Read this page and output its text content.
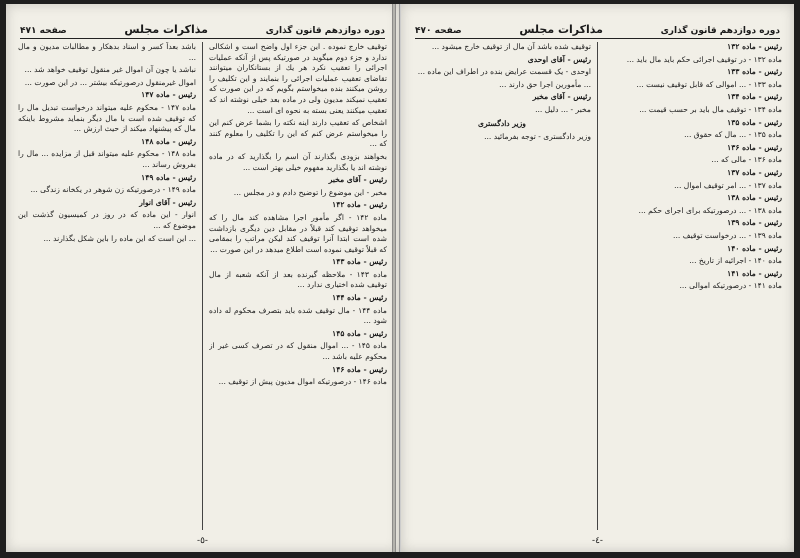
دوره دوازدهم قانون گذاری
مذاكرات مجلس
صفحه ۴۷۱
توقیف خارج نموده . این جزء اول واضح است و اشکالی ندارد و جزء دوم میگوید در صورتیکه پس از آنکه عملیات اجرائی را تعقیب نکرد هر یك از بستانکاران میتوانند تقاضای تعقیب عملیات اجرائی را بنمایند و این تکلیف را روشن میکنند بنده میخواستم بگویم که در این صورت که تعقیب نمیکند مدیون ولی در ماده بعد خیلی نوشته اند که تعقیب میکنند یعنی بسته به نحوه ای است ...
اشخاص که تعقیب دارند اینه نکته را بشما عرض کنم این را میخواستم عرض کنم که این را تکلیف را معلوم کنند که ...
بخواهند بزودی بگذارند آن اسم را بگذارید که در ماده نوشته اند یا بگذارید مفهوم خیلی بهتر است ...
رئیس - آقای مخبر
مخبر - این موضوع را توضیح دادم و در مجلس ...
رئیس - ماده ۱۴۲
ماده ۱۴۲ - اگر مأمور اجرا مشاهده کند مال را که میخواهد توقیف کند قبلاً در مقابل دین دیگری بازداشت شده است ابتدا آنرا توقیف کند لیکن مراتب را بمقامی که قبلاً توقیف نموده است اطلاع میدهد در این صورت ...
رئیس - ماده ۱۴۳
ماده ۱۴۳ - ملاحظه گیرنده بعد از آنکه شعبه از مال توقیف شده اختیاری ندارد ...
رئیس - ماده ۱۴۴
ماده ۱۴۴ - مال توقیف شده باید بتصرف محکوم له داده شود ...
رئیس - ماده ۱۴۵
ماده ۱۴۵ - ... اموال منقول که در تصرف کسی غیر از محکوم علیه باشد ...
رئیس - ماده ۱۴۶
ماده ۱۴۶ - درصورتیکه اموال مدیون پیش از توقیف ...
باشد بعداً کسر و اسناد بدهکار و مطالبات مدیون و مال ...
نباشد یا چون آن اموال غیر منقول توقیف خواهد شد ...
اموال غیرمنقول درصورتیکه بیشتر ... در این صورت ...
رئیس - ماده ۱۴۷
ماده ۱۴۷ - محکوم علیه میتواند درخواست تبدیل مال را که توقیف شده است با مال دیگر بنماید مشروط باینکه مال که پیشنهاد میکند از حیث ارزش ...
رئیس - ماده ۱۴۸
ماده ۱۴۸ - محکوم علیه میتواند قبل از مزایده ... مال را بفروش رساند ...
رئیس - ماده ۱۴۹
ماده ۱۴۹ - درصورتیکه زن شوهر در یکخانه زندگی ...
رئیس - آقای انوار
انوار - این ماده که در روز در کمیسیون گذشت این موضوع که ...
... این است که این ماده را باین شکل بگذارند ...
-٥-
دوره دوازدهم قانون گذاری
مذاكرات مجلس
صفحه ۴۷۰
رئیس - ماده ۱۳۲
ماده ۱۳۲ - در توقیف اجرائی حکم باید مال باید ...
رئیس - ماده ۱۳۳
ماده ۱۳۳ - ... اموالی که قابل توقیف نیست ...
رئیس - ماده ۱۳۴
ماده ۱۳۴ - توقیف مال باید بر حسب قیمت ...
رئیس - ماده ۱۳۵
ماده ۱۳۵ - ... مال که حقوق ...
رئیس - ماده ۱۳۶
ماده ۱۳۶ - مالی که ...
رئیس - ماده ۱۳۷
ماده ۱۳۷ - ... امر توقیف اموال ...
رئیس - ماده ۱۳۸
ماده ۱۳۸ - ... درصورتیکه برای اجرای حکم ...
رئیس - ماده ۱۳۹
ماده ۱۳۹ - ... درخواست توقیف ...
رئیس - ماده ۱۴۰
ماده ۱۴۰ - اجرائیه از تاریخ ...
رئیس - ماده ۱۴۱
ماده ۱۴۱ - درصورتیکه اموالی ...
توقیف شده باشد آن مال از توقیف خارج میشود ...
رئیس - آقای اوحدی
اوحدی - یک قسمت عرایض بنده در اطراف این ماده ...
... مأمورین اجرا حق دارند ...
رئیس - آقای مخبر
مخبر - ... دلیل ...
وزیر دادگستری
وزیر دادگستری - توجه بفرمائید ...
-٤-
